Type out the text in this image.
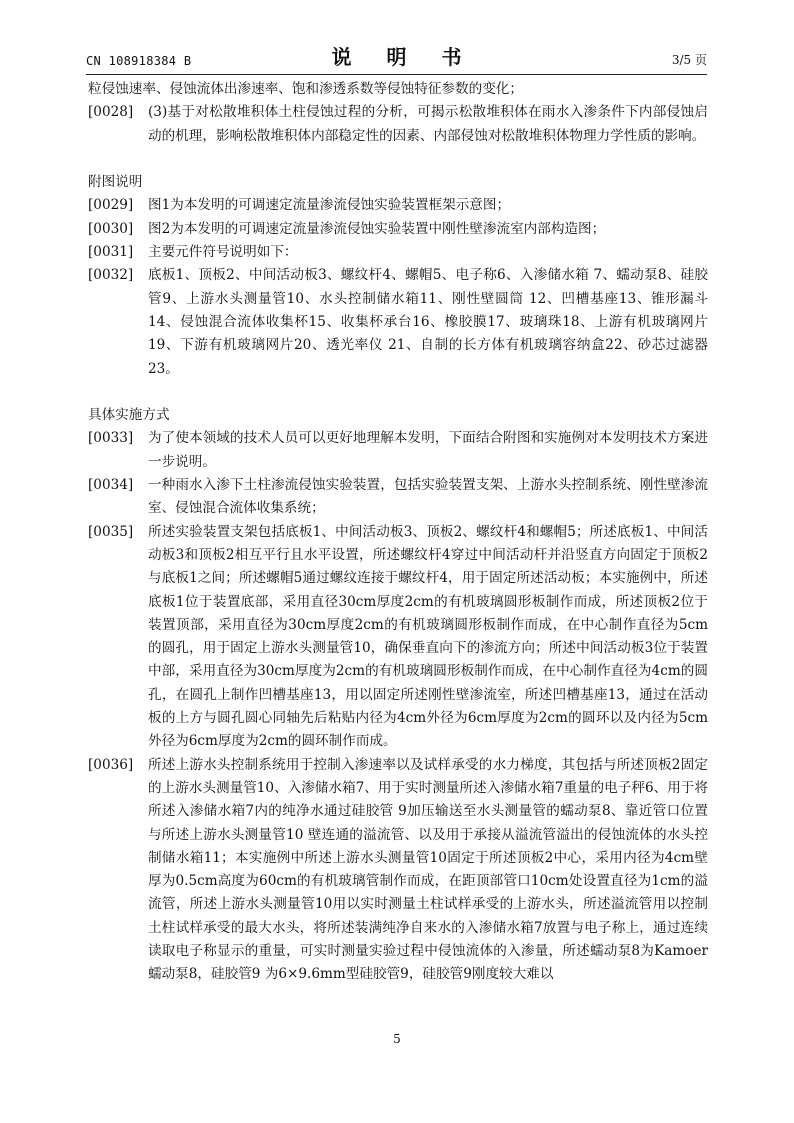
CN 108918384 B	说 明 书	3/5 页

粒侵蚀速率、侵蚀流体出渗速率、饱和渗透系数等侵蚀特征参数的变化；

[0028]	(3)基于对松散堆积体土柱侵蚀过程的分析，可揭示松散堆积体在雨水入渗条件下内部侵蚀启动的机理，影响松散堆积体内部稳定性的因素、内部侵蚀对松散堆积体物理力学性质的影响。

附图说明

[0029]	图1为本发明的可调速定流量渗流侵蚀实验装置框架示意图；

[0030]	图2为本发明的可调速定流量渗流侵蚀实验装置中刚性壁渗流室内部构造图；

[0031]	主要元件符号说明如下：

[0032]	底板1、顶板2、中间活动板3、螺纹杆4、螺帽5、电子称6、入渗储水箱 7、蠕动泵8、硅胶管9、上游水头测量管10、水头控制储水箱11、刚性壁圆筒 12、凹槽基座13、锥形漏斗14、侵蚀混合流体收集杯15、收集杯承台16、橡胶膜17、玻璃珠18、上游有机玻璃网片19、下游有机玻璃网片20、透光率仪 21、自制的长方体有机玻璃容纳盒22、砂芯过滤器23。

具体实施方式

[0033]	为了使本领域的技术人员可以更好地理解本发明，下面结合附图和实施例对本发明技术方案进一步说明。

[0034]	一种雨水入渗下土柱渗流侵蚀实验装置，包括实验装置支架、上游水头控制系统、刚性壁渗流室、侵蚀混合流体收集系统；

[0035]	所述实验装置支架包括底板1、中间活动板3、顶板2、螺纹杆4和螺帽5；所述底板1、中间活动板3和顶板2相互平行且水平设置，所述螺纹杆4穿过中间活动杆并沿竖直方向固定于顶板2与底板1之间；所述螺帽5通过螺纹连接于螺纹杆4，用于固定所述活动板；本实施例中，所述底板1位于装置底部，采用直径30cm厚度2cm的有机玻璃圆形板制作而成，所述顶板2位于装置顶部，采用直径为30cm厚度2cm的有机玻璃圆形板制作而成，在中心制作直径为5cm 的圆孔，用于固定上游水头测量管10，确保垂直向下的渗流方向；所述中间活动板3位于装置中部，采用直径为30cm厚度为2cm的有机玻璃圆形板制作而成，在中心制作直径为4cm的圆孔，在圆孔上制作凹槽基座13，用以固定所述刚性壁渗流室，所述凹槽基座13，通过在活动板的上方与圆孔圆心同轴先后粘贴内径为4cm外径为6cm厚度为2cm的圆环以及内径为5cm外径为6cm厚度为2cm的圆环制作而成。

[0036]	所述上游水头控制系统用于控制入渗速率以及试样承受的水力梯度，其包括与所述顶板2固定的上游水头测量管10、入渗储水箱7、用于实时测量所述入渗储水箱7重量的电子秤6、用于将所述入渗储水箱7内的纯净水通过硅胶管 9加压输送至水头测量管的蠕动泵8、靠近管口位置与所述上游水头测量管10 壁连通的溢流管、以及用于承接从溢流管溢出的侵蚀流体的水头控制储水箱11；本实施例中所述上游水头测量管10固定于所述顶板2中心，采用内径为4cm壁厚为0.5cm高度为60cm的有机玻璃管制作而成，在距顶部管口10cm处设置直径为1cm的溢流管，所述上游水头测量管10用以实时测量土柱试样承受的上游水头，所述溢流管用以控制土柱试样承受的最大水头，将所述装满纯净自来水的入渗储水箱7放置与电子称上，通过连续读取电子称显示的重量，可实时测量实验过程中侵蚀流体的入渗量，所述蠕动泵8为Kamoer蠕动泵8，硅胶管9 为6×9.6mm型硅胶管9，硅胶管9刚度较大难以

5
